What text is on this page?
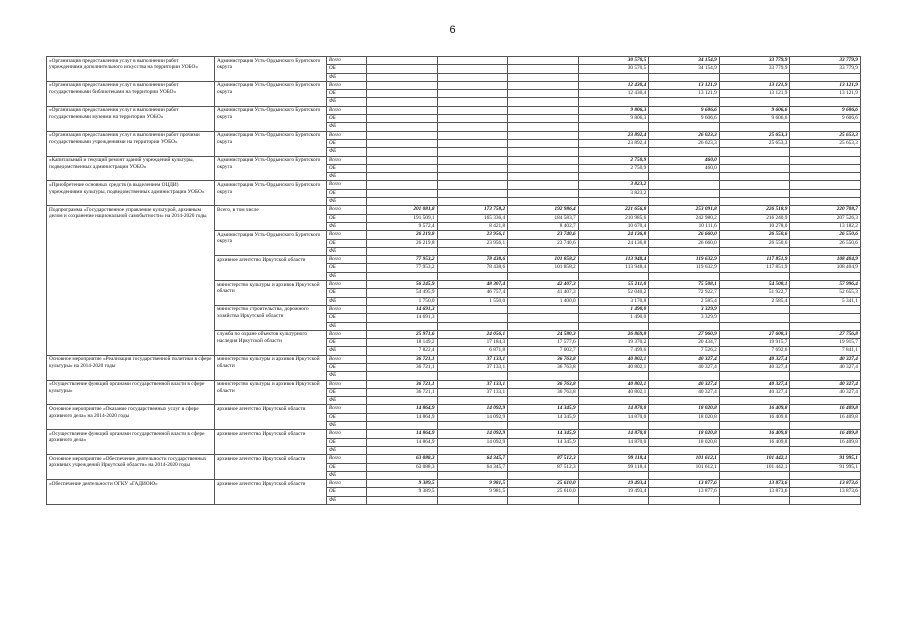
6
«Организация предоставления услуг в выполнении работ учреждениями дополнительного искусства на территории УОБО»	Администрация Усть-Ордынского Бурятского округа	Всего				30 570,5	34 154,9	33 779,9	33 779,9
		ОБ				30 570,5	34 154,9	33 779,9	33 779,9
		ФБ							
«Организация предоставления услуг в выполнении работ государственными библиотеками на территории УОБО»	Администрация Усть-Ордынского Бурятского округа	Всего				12 430,4	13 121,9	13 121,9	13 121,9
		ОБ				12 430,4	13 121,9	13 121,9	13 121,9
		ФБ							
«Организация предоставления услуг в выполнении работ государственными музеями на территории УОБО»	Администрация Усть-Ордынского Бурятского округа	Всего				9 806,3	9 606,6	9 606,6	9 606,6
		ОБ				9 806,3	9 606,6	9 606,6	9 606,6
		ФБ							
«Организация предоставления услуг в выполнении работ прочими государственными учреждениями на территории УОБО»	Администрация Усть-Ордынского Бурятского округа	Всего				23 892,4	26 023,3	25 653,3	25 653,3
		ОБ				23 892,4	26 023,3	25 653,3	25 653,3
		ФБ							
«Капитальный и текущий ремонт зданий учреждений культуры, подведомственных администрации УОБО»	Администрация Усть-Ордынского Бурятского округа	Всего				2 750,9	460,0		
		ОБ				2 750,9	460,0		
		ФБ							
«Приобретение основных средств (в выделением ОЦДИ) учреждениями культуры, подведомственных администрации УОБО»	Администрация Усть-Ордынского Бурятского округа	Всего				3 823,2			
		ОБ				3 823,2			
		ФБ							
Подпрограмма «Государственное управление культурой, архивным делом и сохранение национальной самобытности» на 2014-2020 годы	Всего, в том числе	Всего	201 081,8	173 758,2	192 986,4	221 656,8	253 091,8	226 518,9	220 708,7
		ОБ	191 509,1	165 336,4	184 583,7	210 985,6	242 980,2	216 240,9	207 526,3
		ФБ	9 572,4	8 421,8	8 402,7	10 670,4	10 111,6	10 278,0	13 182,2
	Администрация Усть-Ордынского Бурятского округа	Всего	26 219,8	23 956,1	23 740,6	24 136,8	26 660,0	26 550,6	26 550,6
		ОБ	26 219,8	23 956,1	23 740,6	24 136,8	26 660,0	26 550,6	26 550,6
		ФБ							
	архивное агентство Иркутской области	Всего	77 953,2	78 438,6	101 858,2	113 948,4	119 632,9	117 851,9	108 404,9
		ОБ	77 953,2	78 438,6	101 858,2	113 948,4	119 632,9	117 851,9	108 404,9
		ФБ							
	министерство культуры и архивов Иркутской области	Всего	56 245,9	48 307,4	42 407,3	55 211,0	75 508,1	54 508,1	57 996,4
		ОБ	54 495,9	46 757,4	41 407,3	52 040,2	72 922,7	51 922,7	52 655,3
		ФБ	1 750,0	1 550,0	1 400,0	3 170,8	2 585,4	2 585,4	5 341,1
	министерство строительства, дорожного хозяйства Иркутской области	Всего	14 691,3			1 490,0	3 329,9		
		ОБ	14 691,3			1 490,0	3 329,9		
		ФБ							
	служба по охране объектов культурного наследия Иркутской области	Всего	25 971,6	24 056,1	24 580,3	26 869,8	27 960,9	27 608,3	27 756,8
		ОБ	18 149,2	17 184,3	17 577,6	19 370,2	20 434,7	19 915,7	19 915,7
		ФБ	7 822,4	6 871,8	7 002,7	7 499,6	7 526,2	7 692,6	7 841,1
Основное мероприятие «Реализация государственной политики в сфере культуры» на 2014-2020 годы	министерство культуры и архивов Иркутской области	Всего	36 721,1	37 133,1	36 763,8	40 802,1	40 327,4	40 327,4	40 327,4
		ОБ	36 721,1	37 133,1	36 763,8	40 802,1	40 327,4	40 327,4	40 327,4
		ФБ							
«Осуществление функций органами государственной власти в сфере культуры»	министерство культуры и архивов Иркутской области	Всего	36 721,1	37 133,1	36 763,8	40 802,1	40 327,4	40 327,4	40 327,4
		ОБ	36 721,1	37 133,1	36 763,8	40 802,1	40 327,4	40 327,4	40 327,4
		ФБ							
Основное мероприятие «Оказание государственных услуг в сфере архивного дела» на 2014-2020 годы	архивное агентство Иркутской области	Всего	14 864,9	14 092,9	14 345,9	14 870,0	18 020,8	16 409,8	16 409,8
		ОБ	14 864,9	14 092,9	14 345,9	14 870,0	18 020,8	16 409,8	16 409,8
		ФБ							
«Осуществление функций органами государственной власти в сфере архивного дела»	архивное агентство Иркутской области	Всего	14 864,9	14 092,9	14 345,9	14 870,0	18 020,8	16 409,8	16 409,8
		ОБ	14 864,9	14 092,9	14 345,9	14 870,0	18 020,8	16 409,8	16 409,8
		ФБ							
Основное мероприятие «Обеспечение деятельности государственных архивных учреждений Иркутской области» на 2014-2020 годы	архивное агентство Иркутской области	Всего	63 088,3	64 345,7	87 512,3	99 118,4	101 612,1	101 442,1	91 995,1
		ОБ	63 088,3	64 345,7	87 512,3	99 118,4	101 612,1	101 442,1	91 995,1
		ФБ							
«Обеспечение деятельности ОГКУ «ГАДИОЮ»	архивное агентство Иркутской области	Всего	9 389,5	9 981,5	25 610,0	19 493,4	13 877,6	13 873,6	13 873,6
		ОБ	9 389,5	9 981,5	25 610,0	19 493,4	13 877,6	13 873,6	13 873,6
		ФБ							
